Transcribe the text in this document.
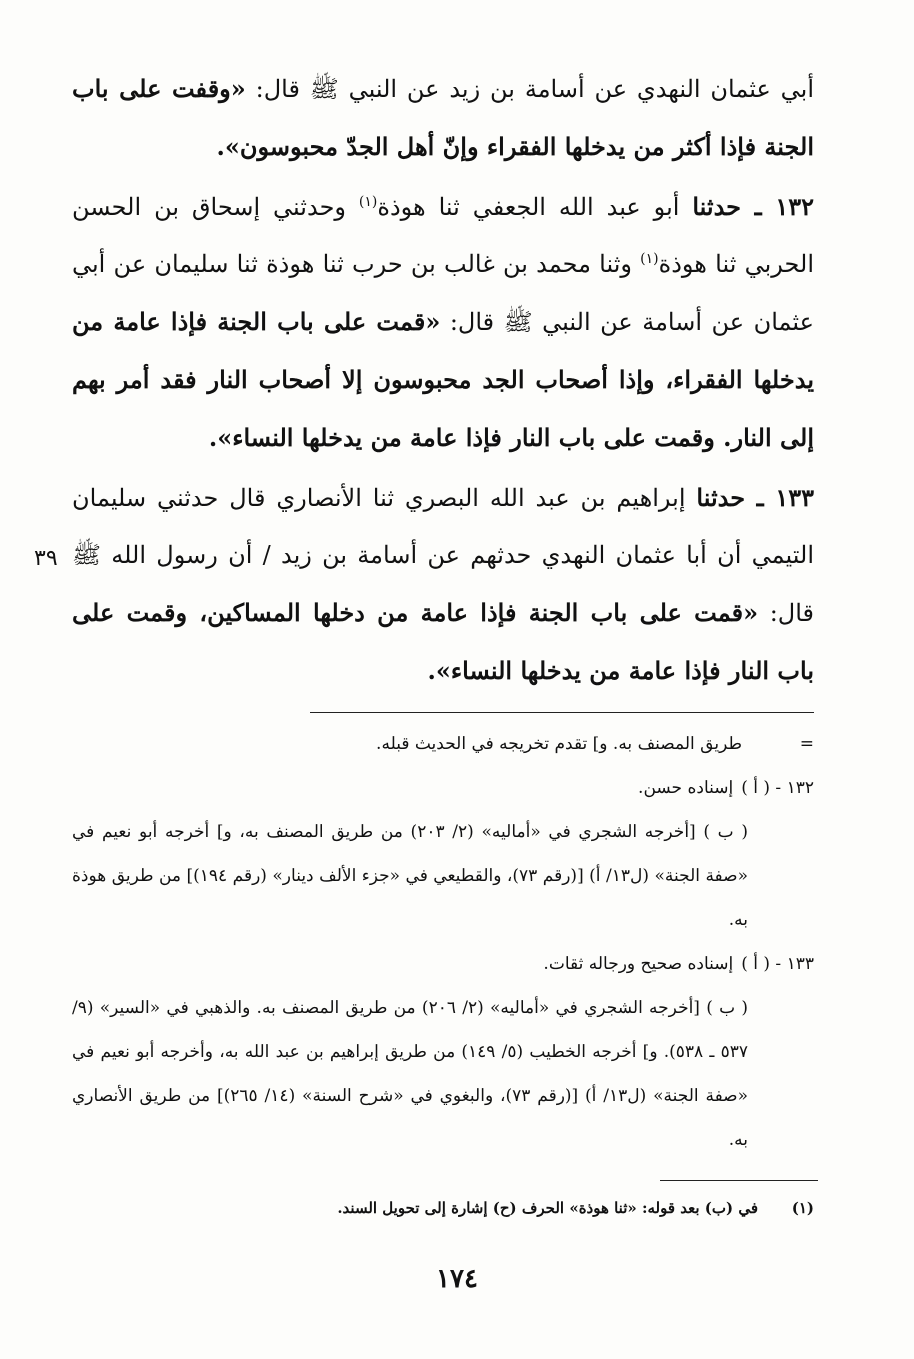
أبي عثمان النهدي عن أسامة بن زيد عن النبي ﷺ قال: «وقفت على باب الجنة فإذا أكثر من يدخلها الفقراء وإنّ أهل الجدّ محبوسون».

١٣٢ ـ حدثنا أبو عبد الله الجعفي ثنا هوذة$^{(١)}$ وحدثني إسحاق بن الحسن الحربي ثنا هوذة$^{(١)}$ وثنا محمد بن غالب بن حرب ثنا هوذة ثنا سليمان عن أبي عثمان عن أسامة عن النبي ﷺ قال: «قمت على باب الجنة فإذا عامة من يدخلها الفقراء، وإذا أصحاب الجد محبوسون إلا أصحاب النار فقد أمر بهم إلى النار. وقمت على باب النار فإذا عامة من يدخلها النساء».

١٣٣ ـ حدثنا إبراهيم بن عبد الله البصري ثنا الأنصاري قال حدثني سليمان التيمي أن أبا عثمان النهدي حدثهم عن أسامة بن زيد / أن رسول الله ﷺ قال: «قمت على باب الجنة فإذا عامة من دخلها المساكين، وقمت على باب النار فإذا عامة من يدخلها النساء».

٣٩
=
طريق المصنف به. و] تقدم تخريجه في الحديث قبله.
١٣٢ - ( أ )
إسناده حسن.
( ب ) [أخرجه الشجري في «أماليه» (٢/ ٢٠٣) من طريق المصنف به، و] أخرجه أبو نعيم في «صفة الجنة» (ل١٣/ أ) [(رقم ٧٣)، والقطيعي في «جزء الألف دينار» (رقم ١٩٤)] من طريق هوذة به.
١٣٣ - ( أ )
إسناده صحيح ورجاله ثقات.
( ب ) [أخرجه الشجري في «أماليه» (٢/ ٢٠٦) من طريق المصنف به. والذهبي في «السير» (٩/ ٥٣٧ ـ ٥٣٨). و] أخرجه الخطيب (٥/ ١٤٩) من طريق إبراهيم بن عبد الله به، وأخرجه أبو نعيم في «صفة الجنة» (ل١٣/ أ) [(رقم ٧٣)، والبغوي في «شرح السنة» (١٤/ ٢٦٥)] من طريق الأنصاري به.
(١)
في (ب) بعد قوله: «ثنا هوذة» الحرف (ح) إشارة إلى تحويل السند.
١٧٤
